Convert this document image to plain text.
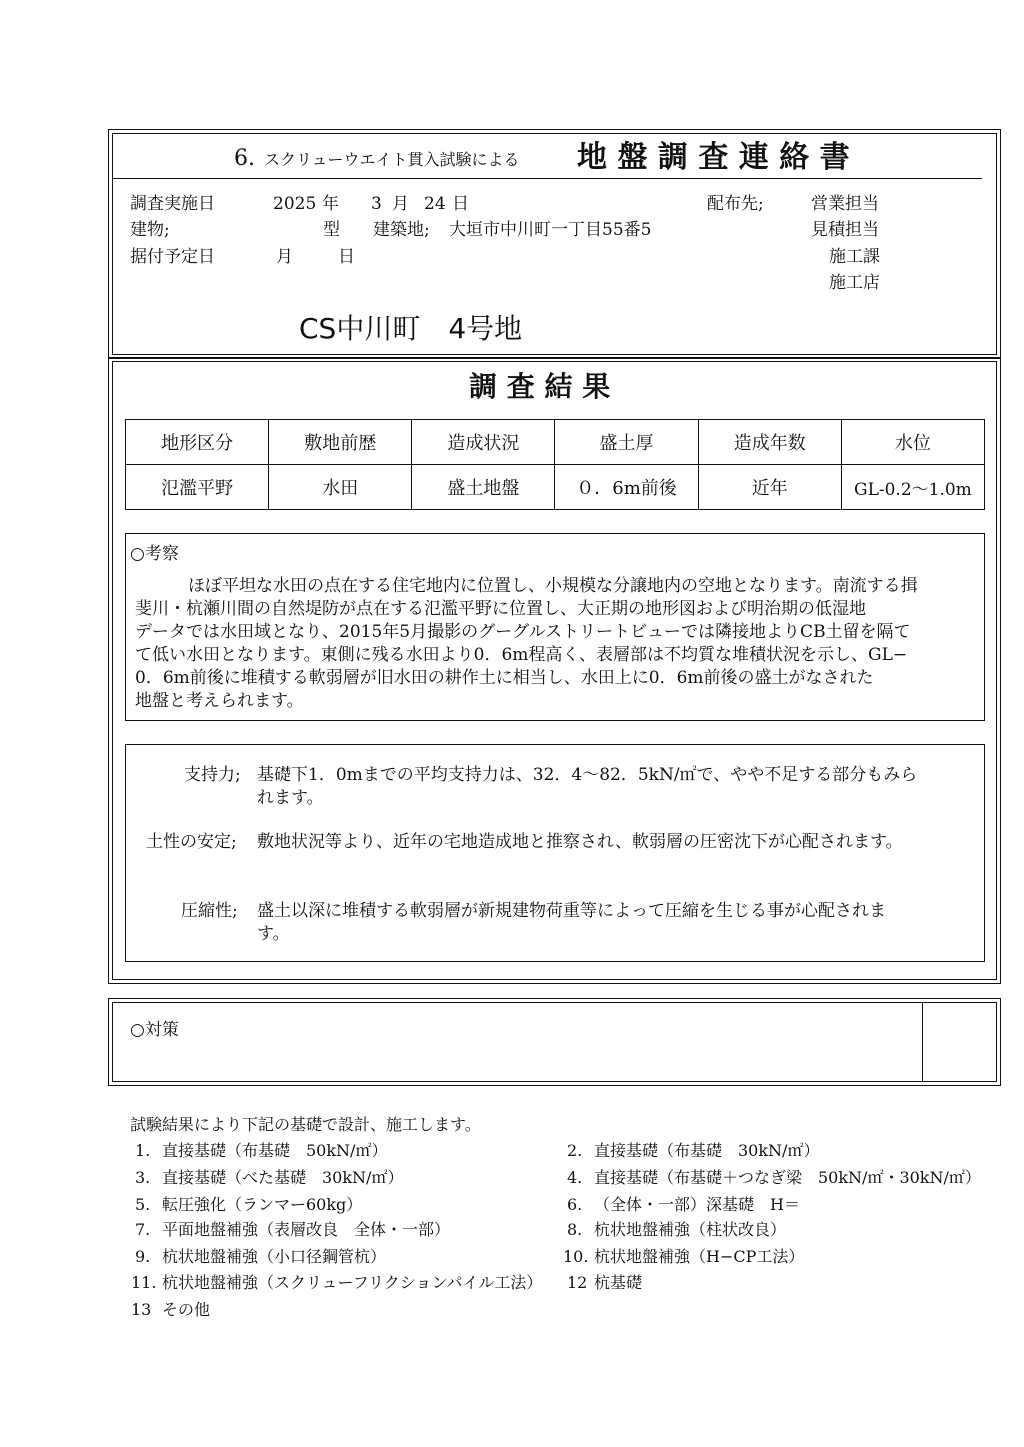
6. スクリューウエイト貫入試験による 地 盤 調 査 連 絡 書
調査実施日	2025 年 3 月 24 日
建物;	型 建築地; 大垣市中川町一丁目55番5
据付予定日	月	日
配布先;	営業担当
見積担当
施工課
施工店
CS中川町　4号地
調 査 結 果
地形区分	敷地前歴	造成状況	盛土厚	造成年数	水位
氾濫平野	水田	盛土地盤	０．6m前後	近年	GL-0.2〜1.0m
○考察
ほぼ平坦な水田の点在する住宅地内に位置し、小規模な分譲地内の空地となります。南流する揖
斐川・杭瀬川間の自然堤防が点在する氾濫平野に位置し、大正期の地形図および明治期の低湿地
データでは水田域となり、2015年5月撮影のグーグルストリートビューでは隣接地よりCB土留を隔て
て低い水田となります。東側に残る水田より0．6m程高く、表層部は不均質な堆積状況を示し、GL−
0．6m前後に堆積する軟弱層が旧水田の耕作土に相当し、水田上に0．6m前後の盛土がなされた
地盤と考えられます。
支持力; 基礎下1．0mまでの平均支持力は、32．4〜82．5kN/㎡で、やや不足する部分もみら
れます。
土性の安定; 敷地状況等より、近年の宅地造成地と推察され、軟弱層の圧密沈下が心配されます。
圧縮性; 盛土以深に堆積する軟弱層が新規建物荷重等によって圧縮を生じる事が心配されま
す。
○対策
試験結果により下記の基礎で設計、施工します。
1. 直接基礎（布基礎　50kN/㎡）
3. 直接基礎（べた基礎　30kN/㎡）
5. 転圧強化（ランマー60kg）
7. 平面地盤補強（表層改良　全体・一部）
9. 杭状地盤補強（小口径鋼管杭）
11. 杭状地盤補強（スクリューフリクションパイル工法）
13 その他
2. 直接基礎（布基礎　30kN/㎡）
4. 直接基礎（布基礎＋つなぎ梁　50kN/㎡・30kN/㎡）
6. （全体・一部）深基礎　H＝
8. 杭状地盤補強（柱状改良）
10. 杭状地盤補強（H−CP工法）
12 杭基礎
